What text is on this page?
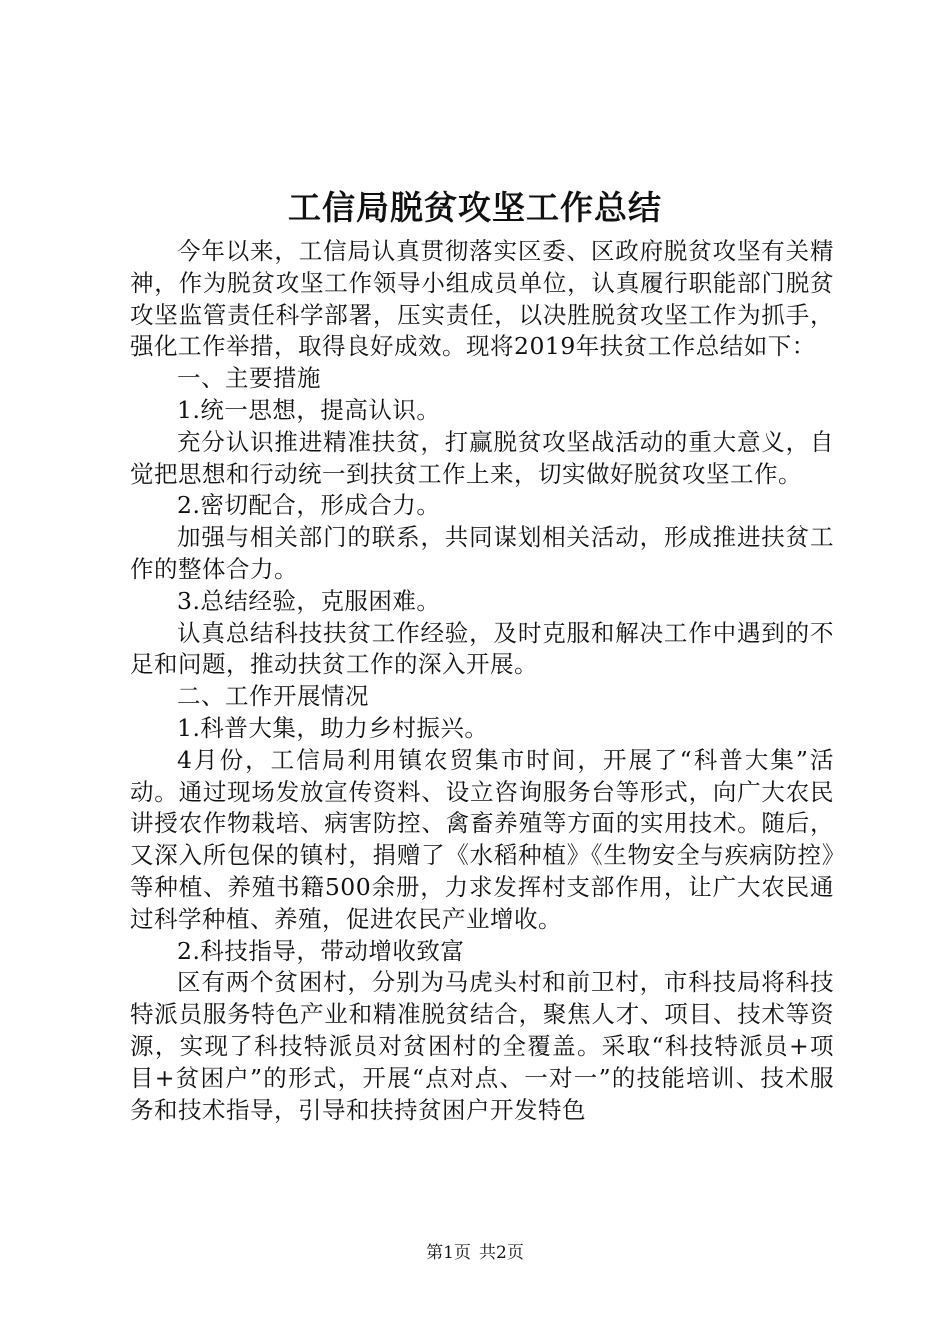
工信局脱贫攻坚工作总结

今年以来，工信局认真贯彻落实区委、区政府脱贫攻坚有关精神，作为脱贫攻坚工作领导小组成员单位，认真履行职能部门脱贫攻坚监管责任科学部署，压实责任，以决胜脱贫攻坚工作为抓手，强化工作举措，取得良好成效。现将2019年扶贫工作总结如下：

一、主要措施

1.统一思想，提高认识。

充分认识推进精准扶贫，打赢脱贫攻坚战活动的重大意义，自觉把思想和行动统一到扶贫工作上来，切实做好脱贫攻坚工作。

2.密切配合，形成合力。

加强与相关部门的联系，共同谋划相关活动，形成推进扶贫工作的整体合力。

3.总结经验，克服困难。

认真总结科技扶贫工作经验，及时克服和解决工作中遇到的不足和问题，推动扶贫工作的深入开展。

二、工作开展情况

1.科普大集，助力乡村振兴。

4月份，工信局利用镇农贸集市时间，开展了“科普大集”活动。通过现场发放宣传资料、设立咨询服务台等形式，向广大农民讲授农作物栽培、病害防控、禽畜养殖等方面的实用技术。随后，又深入所包保的镇村，捐赠了《水稻种植》《生物安全与疾病防控》等种植、养殖书籍500余册，力求发挥村支部作用，让广大农民通过科学种植、养殖，促进农民产业增收。

2.科技指导，带动增收致富

区有两个贫困村，分别为马虎头村和前卫村，市科技局将科技特派员服务特色产业和精准脱贫结合，聚焦人才、项目、技术等资源，实现了科技特派员对贫困村的全覆盖。采取“科技特派员+项目+贫困户”的形式，开展“点对点、一对一”的技能培训、技术服务和技术指导，引导和扶持贫困户开发特色

第1页 共2页
